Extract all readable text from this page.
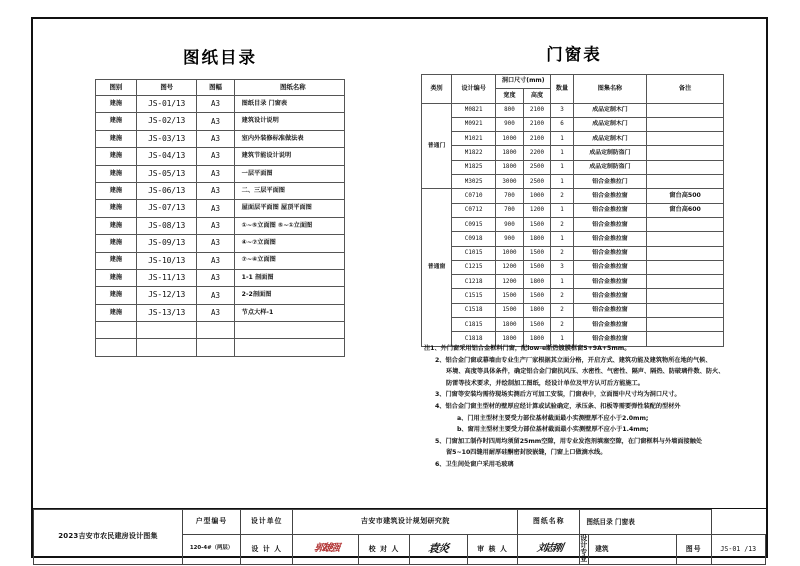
图纸目录
图别	图号	图幅	图纸名称
建施	JS-01/13	A3	图纸目录 门窗表
建施	JS-02/13	A3	建筑设计说明
建施	JS-03/13	A3	室内外装修标准做法表
建施	JS-04/13	A3	建筑节能设计说明
建施	JS-05/13	A3	一层平面图
建施	JS-06/13	A3	二、三层平面图
建施	JS-07/13	A3	屋面层平面图 屋顶平面图
建施	JS-08/13	A3	①~⑤立面图 ⑤~①立面图
建施	JS-09/13	A3	④~⑦立面图
建施	JS-10/13	A3	⑦~④立面图
建施	JS-11/13	A3	1-1 剖面图
建施	JS-12/13	A3	2-2剖面图
建施	JS-13/13	A3	节点大样-1

门窗表
类别	设计编号	洞口尺寸(mm)		数量	图集名称	备注
		宽度	高度			
普通门	M0821	800	2100	3	成品定制木门	
	M0921	900	2100	6	成品定制木门	
	M1021	1000	2100	1	成品定制木门	
	M1822	1800	2200	1	成品定制防盗门	
	M1825	1800	2500	1	成品定制防盗门	
	M3025	3000	2500	1	铝合金推拉门	
普通窗	C0710	700	1000	2	铝合金推拉窗	窗台高500
	C0712	700	1200	1	铝合金推拉窗	窗台高600
	C0915	900	1500	2	铝合金推拉窗	
	C0918	900	1800	1	铝合金推拉窗	
	C1015	1000	1500	2	铝合金推拉窗	
	C1215	1200	1500	3	铝合金推拉窗	
	C1218	1200	1800	1	铝合金推拉窗	
	C1515	1500	1500	2	铝合金推拉窗	
	C1518	1500	1800	2	铝合金推拉窗	
	C1815	1800	1500	2	铝合金推拉窗	
	C1818	1800	1800	1	铝合金推拉窗	
注1、外门窗采用铝合金框料门窗，配low-e断热镀膜框窗5+9A+5mm。
2、铝合金门窗或幕墙由专业生产厂家根据其立面分格，开启方式、建筑功能及建筑物所在地的气候、
环境、高度等具体条件，确定铝合金门窗抗风压、水密性、气密性、隔声、隔热、防破璃件数、防火、
防雷等技术要求，并绘制加工图纸，经设计单位及甲方认可后方能施工。
3、门窗等安装均需待现场实测后方可加工安装，门窗表中，立面图中尺寸均为洞口尺寸。
4、铝合金门窗主型材的壁厚应经计算或试验确定，承压条、扣板等需要弹性装配的型材外
a、门用主型材主要受力部位基材截面最小实测壁厚不应小于2.0mm;
b、窗用主型材主要受力部位基材截面最小实测壁厚不应小于1.4mm;
5、门窗加工制作时四周均须留25mm空隙，用专业发泡剂填塞空隙，在门窗框料与外墙面接触处
留5~10四缝用耐厚硅酮密封胶嵌缝，门窗上口做滴水线。
6、卫生间处窗户采用毛玻璃
2023吉安市农民建房设计图集	户型编号	设计单位	吉安市建筑设计规划研究院				图纸名称	图纸目录 门窗表			
	120-4#（两层）	设 计 人	郭雄强	校 对 人	袁炎	审 核 人	刘志刚	设计专业	建筑	图号	JS-01 /13
